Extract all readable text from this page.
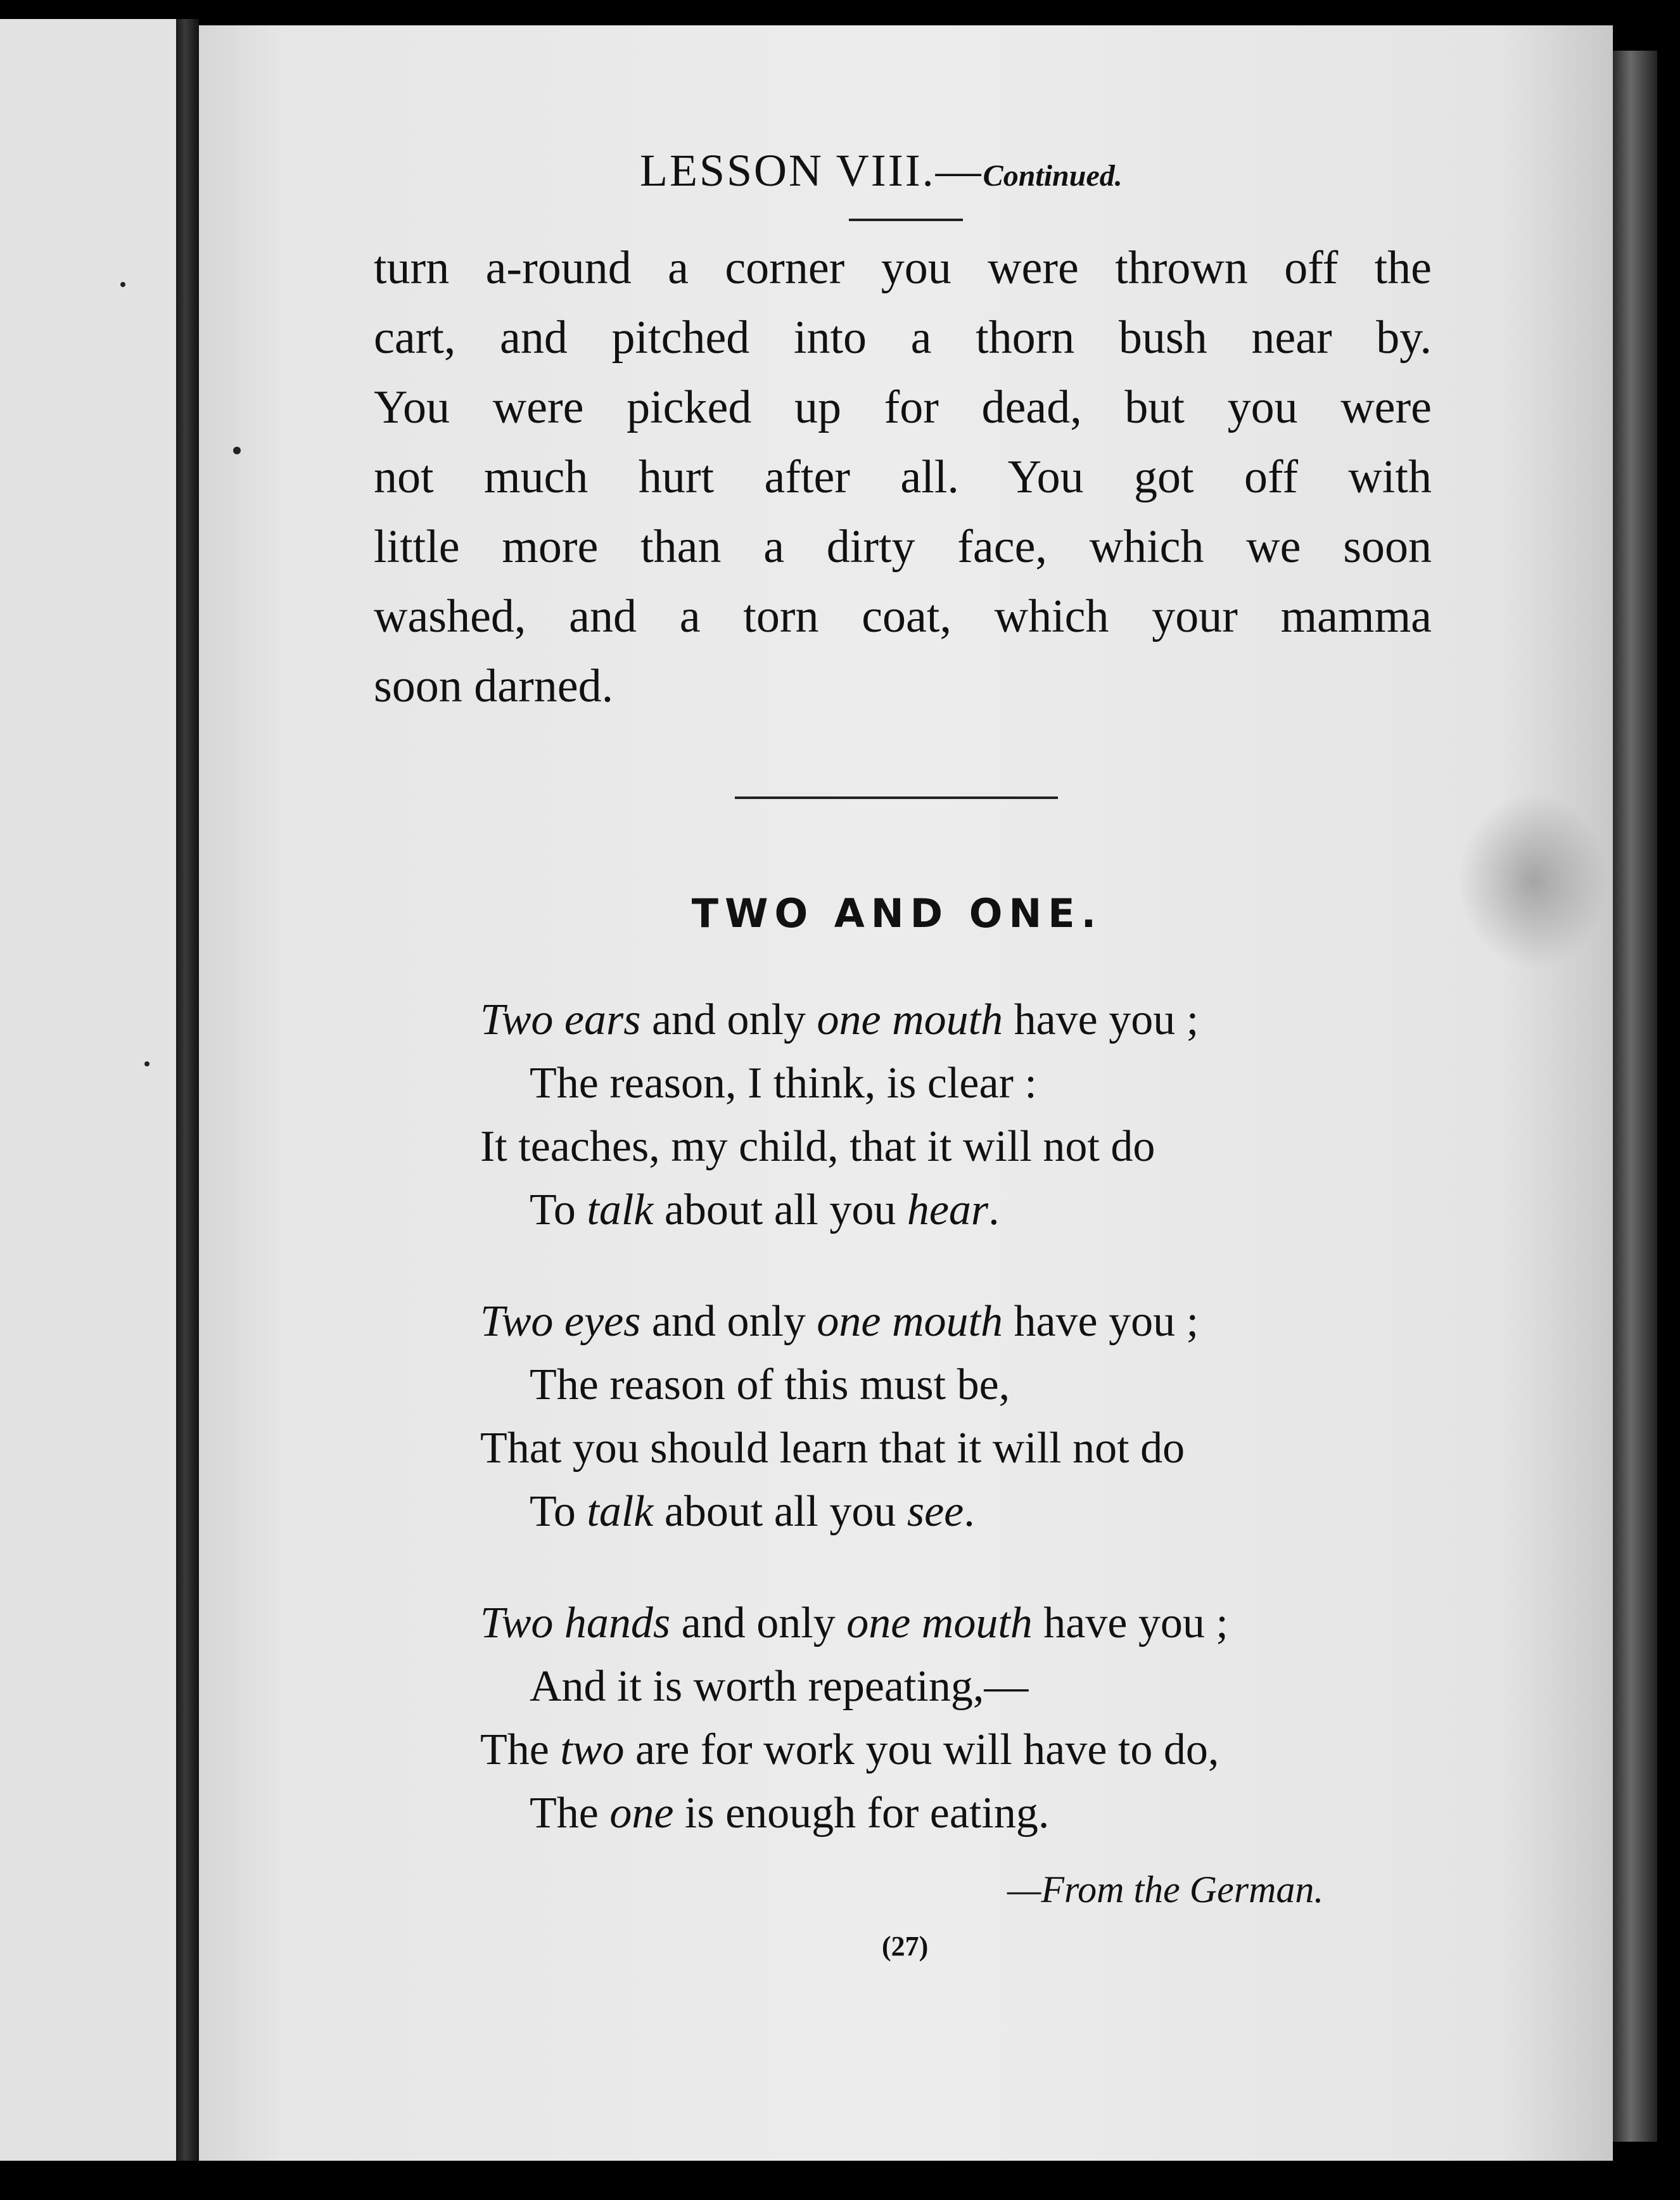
LESSON VIII.—Continued.
turn a-round a corner you were thrown off the
cart, and pitched into a thorn bush near by.
You were picked up for dead, but you were
not much hurt after all. You got off with
little more than a dirty face, which we soon
washed, and a torn coat, which your mamma
soon darned.
TWO AND ONE.
Two ears and only one mouth have you ;
The reason, I think, is clear :
It teaches, my child, that it will not do
To talk about all you hear.
Two eyes and only one mouth have you ;
The reason of this must be,
That you should learn that it will not do
To talk about all you see.
Two hands and only one mouth have you ;
And it is worth repeating,—
The two are for work you will have to do,
The one is enough for eating.
—From the German.
(27)
